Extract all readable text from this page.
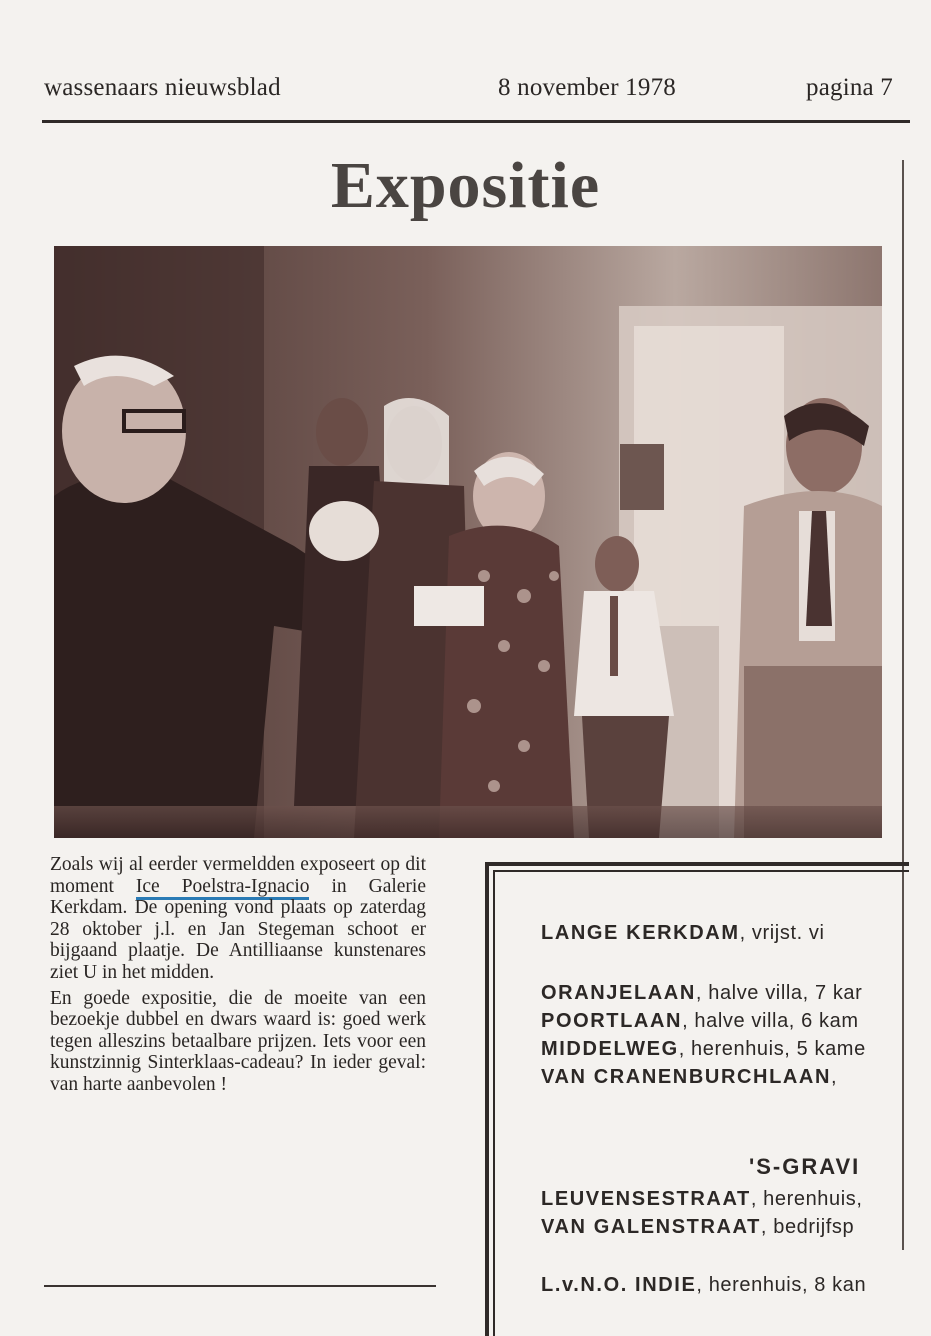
wassenaars nieuwsblad	8 november 1978	pagina 7
Expositie

Zoals wij al eerder vermeldden exposeert op dit moment Ice Poelstra-Ignacio in Galerie Kerkdam. De opening vond plaats op zaterdag 28 oktober j.l. en Jan Stegeman schoot er bijgaand plaatje. De Antilliaanse kunstenares ziet U in het midden.

En goede expositie, die de moeite van een bezoekje dubbel en dwars waard is: goed werk tegen alleszins betaalbare prijzen. Iets voor een kunstzinnig Sinterklaas-cadeau? In ieder geval: van harte aanbevolen !

LANGE KERKDAM, vrijst. vi
ORANJELAAN, halve villa, 7 kar
POORTLAAN, halve villa, 6 kam
MIDDELWEG, herenhuis, 5 kame
VAN CRANENBURCHLAAN,
'S-GRAVI
LEUVENSESTRAAT, herenhuis,
VAN GALENSTRAAT, bedrijfsp
L.v.N.O. INDIE, herenhuis, 8 kan
